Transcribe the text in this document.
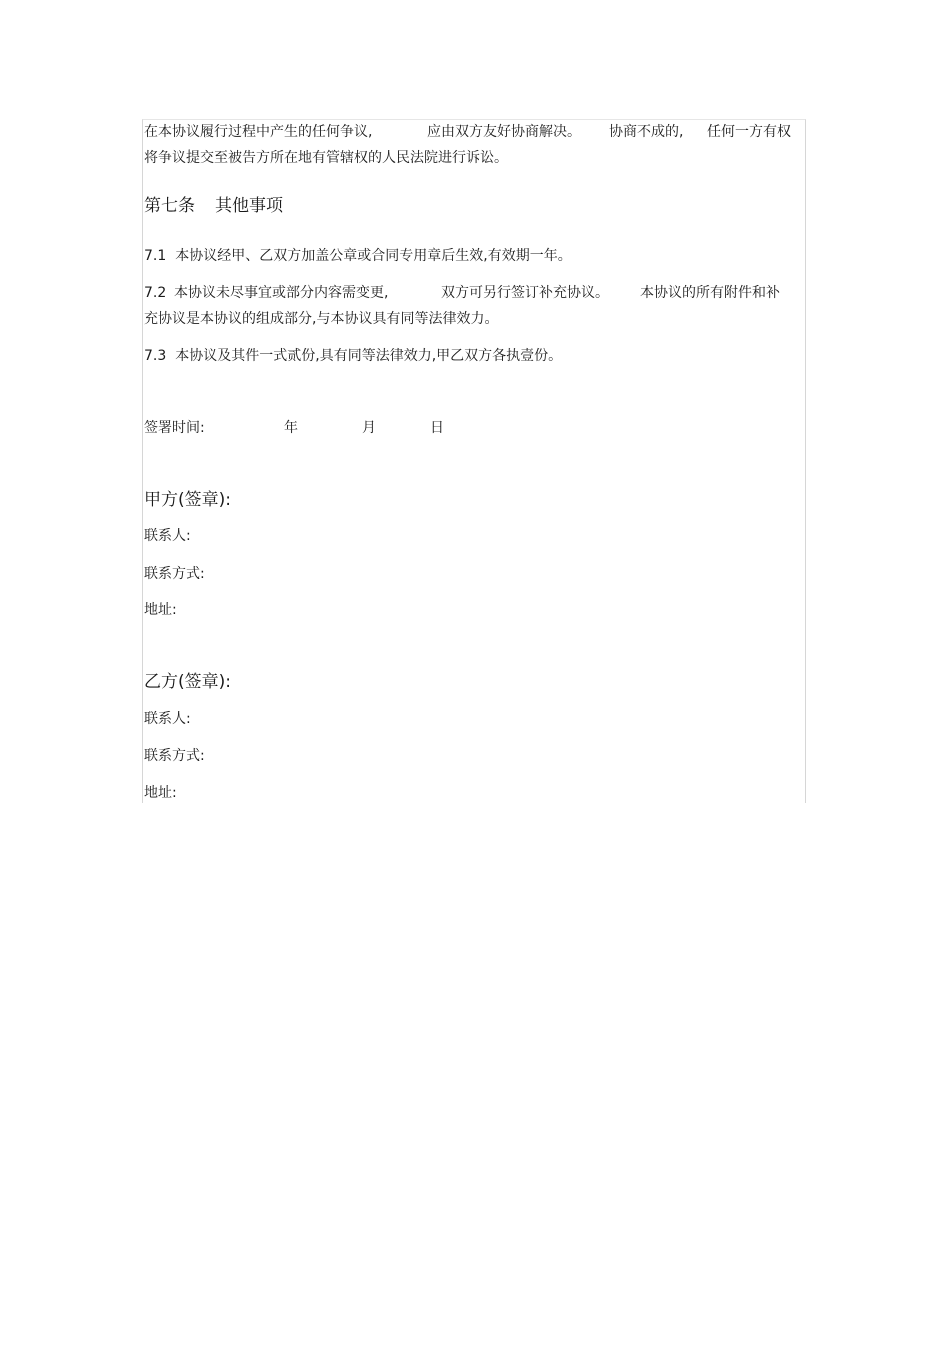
在本协议履行过程中产生的任何争议,	应由双方友好协商解决。 协商不成的, 任何一方有权
将争议提交至被告方所在地有管辖权的人民法院进行诉讼。
第七条 其他事项
7.1 本协议经甲、乙双方加盖公章或合同专用章后生效,有效期一年。
7.2 本协议未尽事宜或部分内容需变更,	双方可另行签订补充协议。 本协议的所有附件和补
充协议是本协议的组成部分,与本协议具有同等法律效力。
7.3 本协议及其件一式贰份,具有同等法律效力,甲乙双方各执壹份。
签署时间:	年	月	日
甲方(签章):
联系人:
联系方式:
地址:
乙方(签章):
联系人:
联系方式:
地址:
